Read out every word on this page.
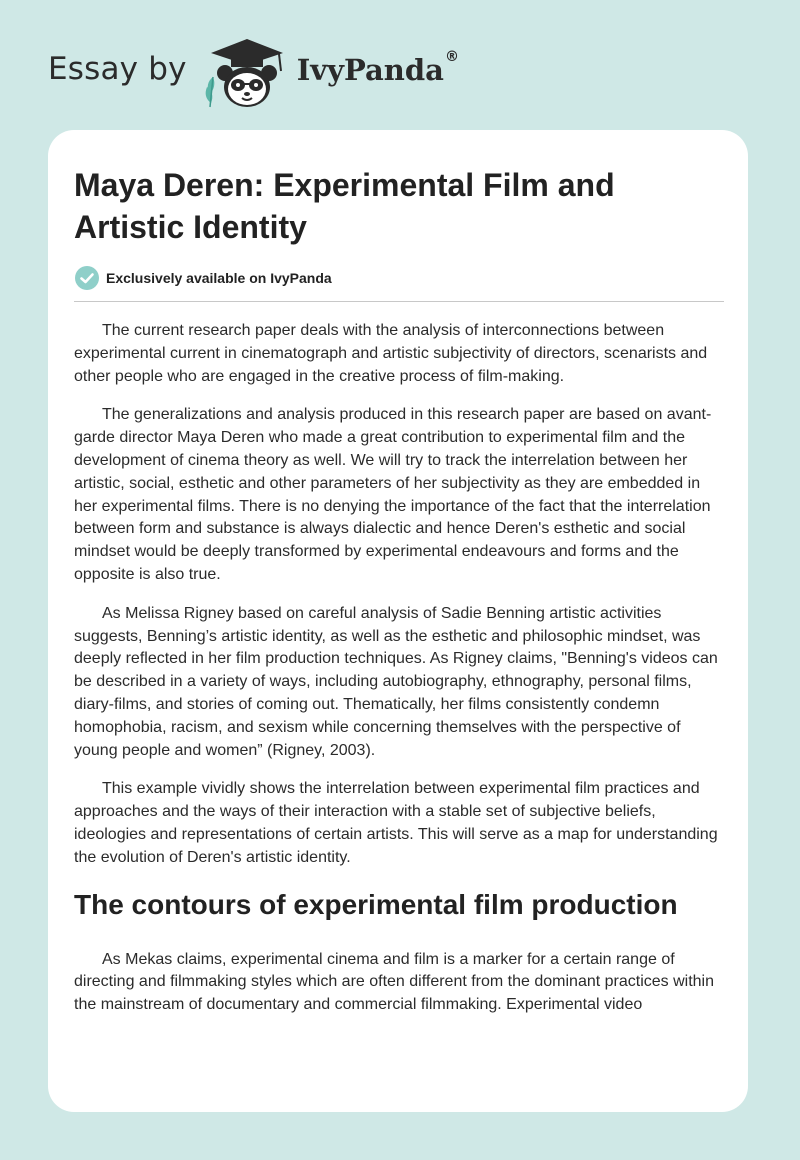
Essay by	IvyPanda®
Maya Deren: Experimental Film and Artistic Identity
Exclusively available on IvyPanda

The current research paper deals with the analysis of interconnections between experimental current in cinematograph and artistic subjectivity of directors, scenarists and other people who are engaged in the creative process of film-making.

The generalizations and analysis produced in this research paper are based on avant-garde director Maya Deren who made a great contribution to experimental film and the development of cinema theory as well. We will try to track the interrelation between her artistic, social, esthetic and other parameters of her subjectivity as they are embedded in her experimental films. There is no denying the importance of the fact that the interrelation between form and substance is always dialectic and hence Deren's esthetic and social mindset would be deeply transformed by experimental endeavours and forms and the opposite is also true.

As Melissa Rigney based on careful analysis of Sadie Benning artistic activities suggests, Benning’s artistic identity, as well as the esthetic and philosophic mindset, was deeply reflected in her film production techniques. As Rigney claims, "Benning's videos can be described in a variety of ways, including autobiography, ethnography, personal films, diary-films, and stories of coming out. Thematically, her films consistently condemn homophobia, racism, and sexism while concerning themselves with the perspective of young people and women” (Rigney, 2003).

This example vividly shows the interrelation between experimental film practices and approaches and the ways of their interaction with a stable set of subjective beliefs, ideologies and representations of certain artists. This will serve as a map for understanding the evolution of Deren's artistic identity.

The contours of experimental film production

As Mekas claims, experimental cinema and film is a marker for a certain range of directing and filmmaking styles which are often different from the dominant practices within the mainstream of documentary and commercial filmmaking. Experimental video
